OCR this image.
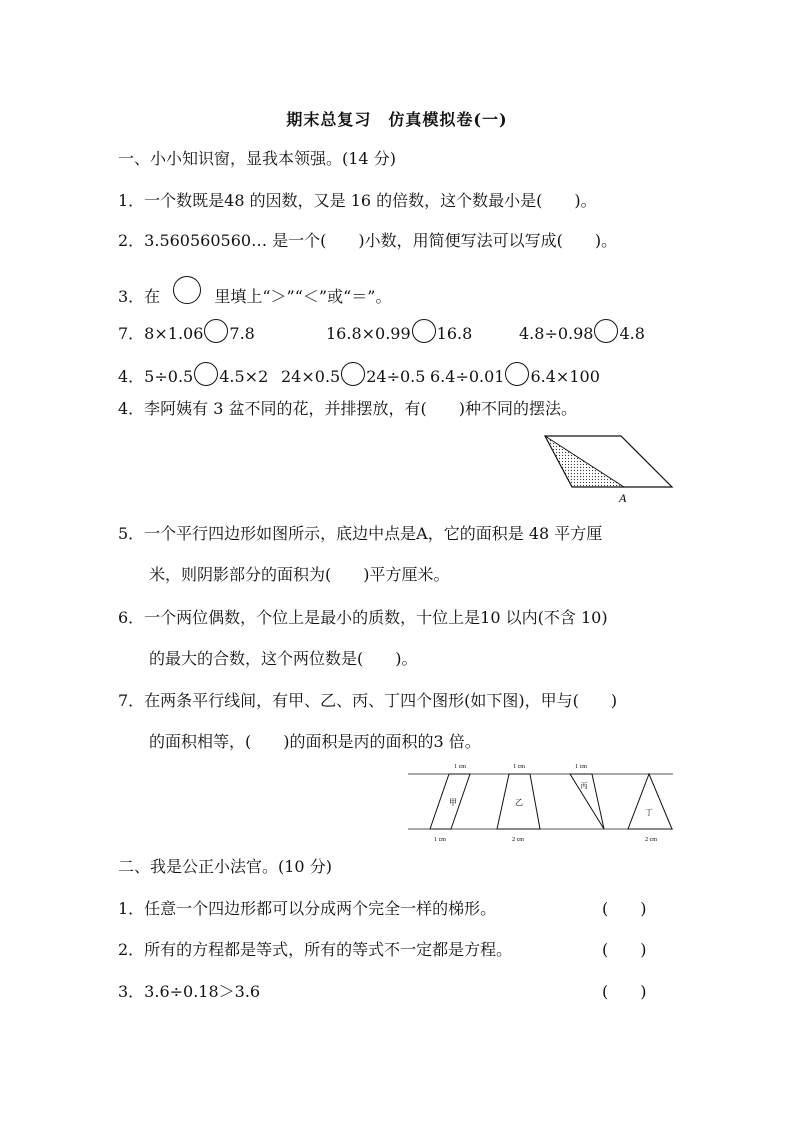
期末总复习　仿真模拟卷(一)
一、小小知识窗，显我本领强。(14 分)
1．一个数既是48 的因数，又是 16 的倍数，这个数最小是(　　)。
2．3.560560560… 是一个(　　)小数，用简便写法可以写成(　　)。
3．在	里填上“＞”“＜”或“＝”。
7．8×1.06 7.8	16.8×0.99 16.8	4.8÷0.98 4.8
4．5÷0.5 4.5×2 24×0.5 24÷0.5 6.4÷0.01 6.4×100
4．李阿姨有 3 盆不同的花，并排摆放，有(　　)种不同的摆法。
A
5．一个平行四边形如图所示，底边中点是A，它的面积是 48 平方厘
米，则阴影部分的面积为(　　)平方厘米。
6．一个两位偶数，个位上是最小的质数，十位上是10 以内(不含 10)
的最大的合数，这个两位数是(　　)。
7．在两条平行线间，有甲、乙、丙、丁四个图形(如下图)，甲与(　　)
的面积相等，(　　)的面积是丙的面积的3 倍。
1 cm
1 cm
甲
1 cm
2 cm
乙
1 cm
丙
2 cm
丁
二、我是公正小法官。(10 分)
1．任意一个四边形都可以分成两个完全一样的梯形。	(　　)
2．所有的方程都是等式，所有的等式不一定都是方程。	(　　)
3．3.6÷0.18＞3.6	(　　)
